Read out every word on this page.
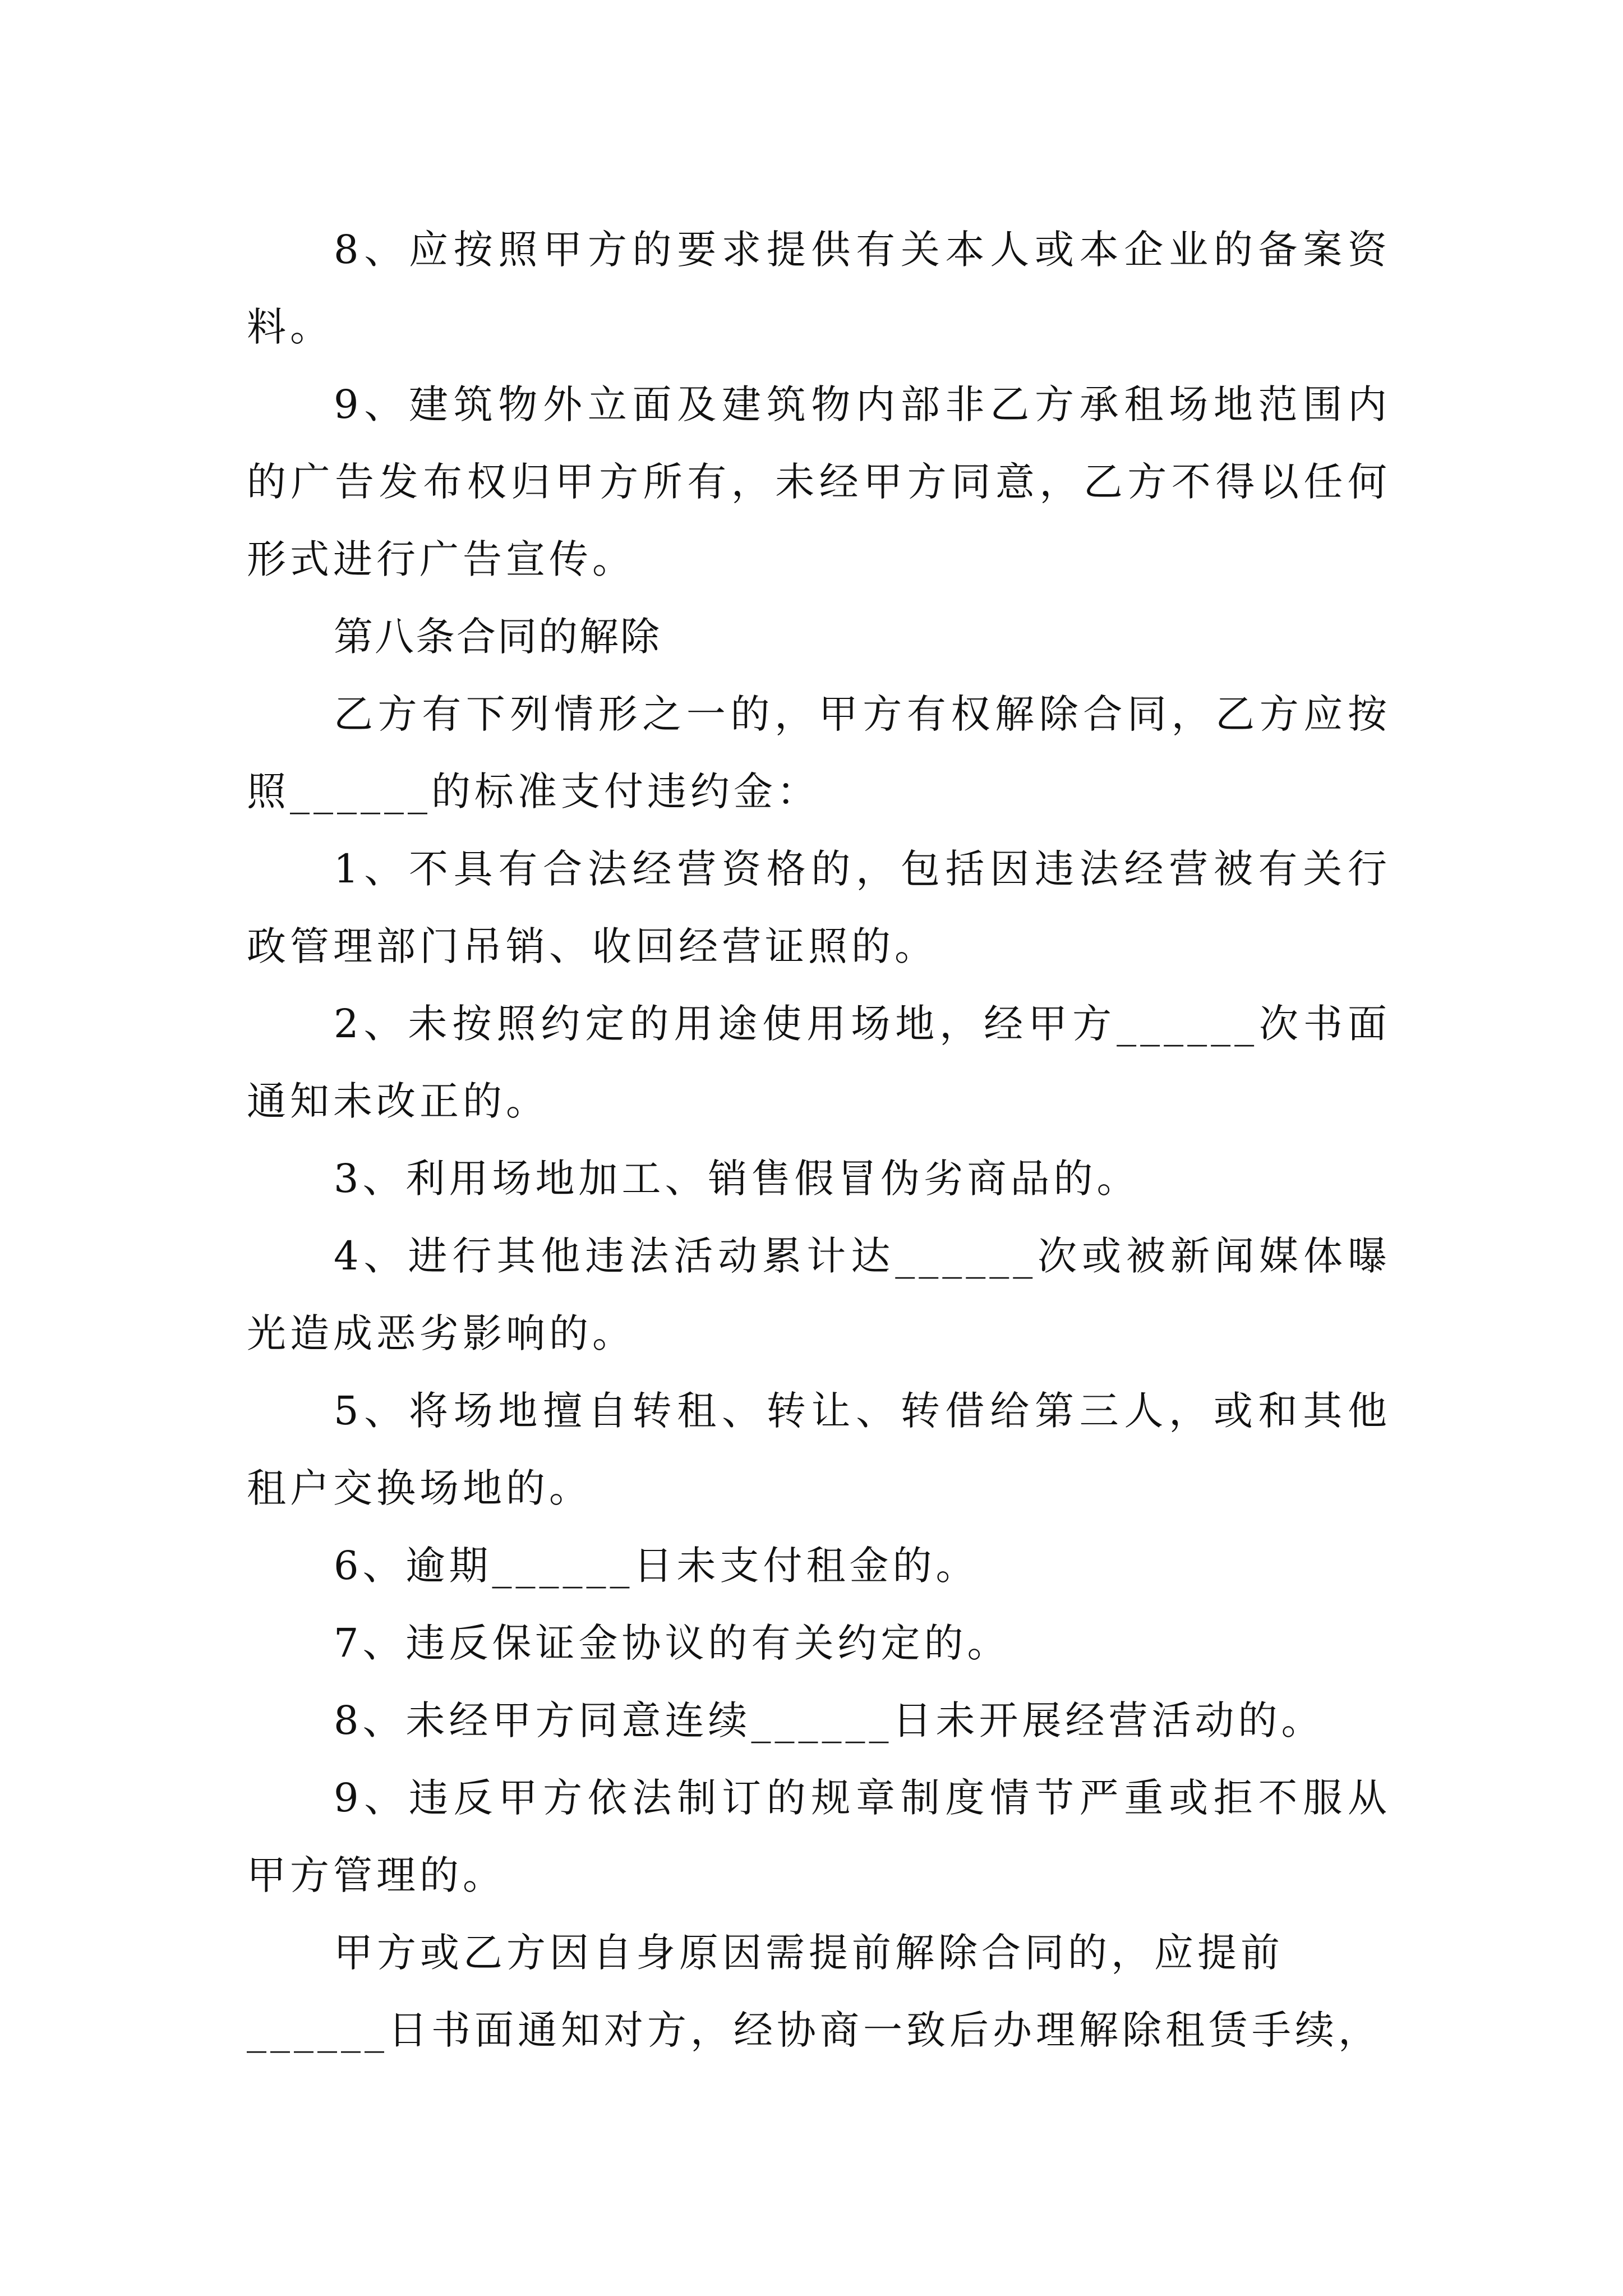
8、应按照甲方的要求提供有关本人或本企业的备案资料。

9、建筑物外立面及建筑物内部非乙方承租场地范围内的广告发布权归甲方所有，未经甲方同意，乙方不得以任何形式进行广告宣传。

第八条合同的解除

乙方有下列情形之一的，甲方有权解除合同，乙方应按照______的标准支付违约金：

1、不具有合法经营资格的，包括因违法经营被有关行政管理部门吊销、收回经营证照的。

2、未按照约定的用途使用场地，经甲方______次书面通知未改正的。

3、利用场地加工、销售假冒伪劣商品的。

4、进行其他违法活动累计达______次或被新闻媒体曝光造成恶劣影响的。

5、将场地擅自转租、转让、转借给第三人，或和其他租户交换场地的。

6、逾期______日未支付租金的。

7、违反保证金协议的有关约定的。

8、未经甲方同意连续______日未开展经营活动的。

9、违反甲方依法制订的规章制度情节严重或拒不服从甲方管理的。

甲方或乙方因自身原因需提前解除合同的，应提前
______日书面通知对方，经协商一致后办理解除租赁手续，
